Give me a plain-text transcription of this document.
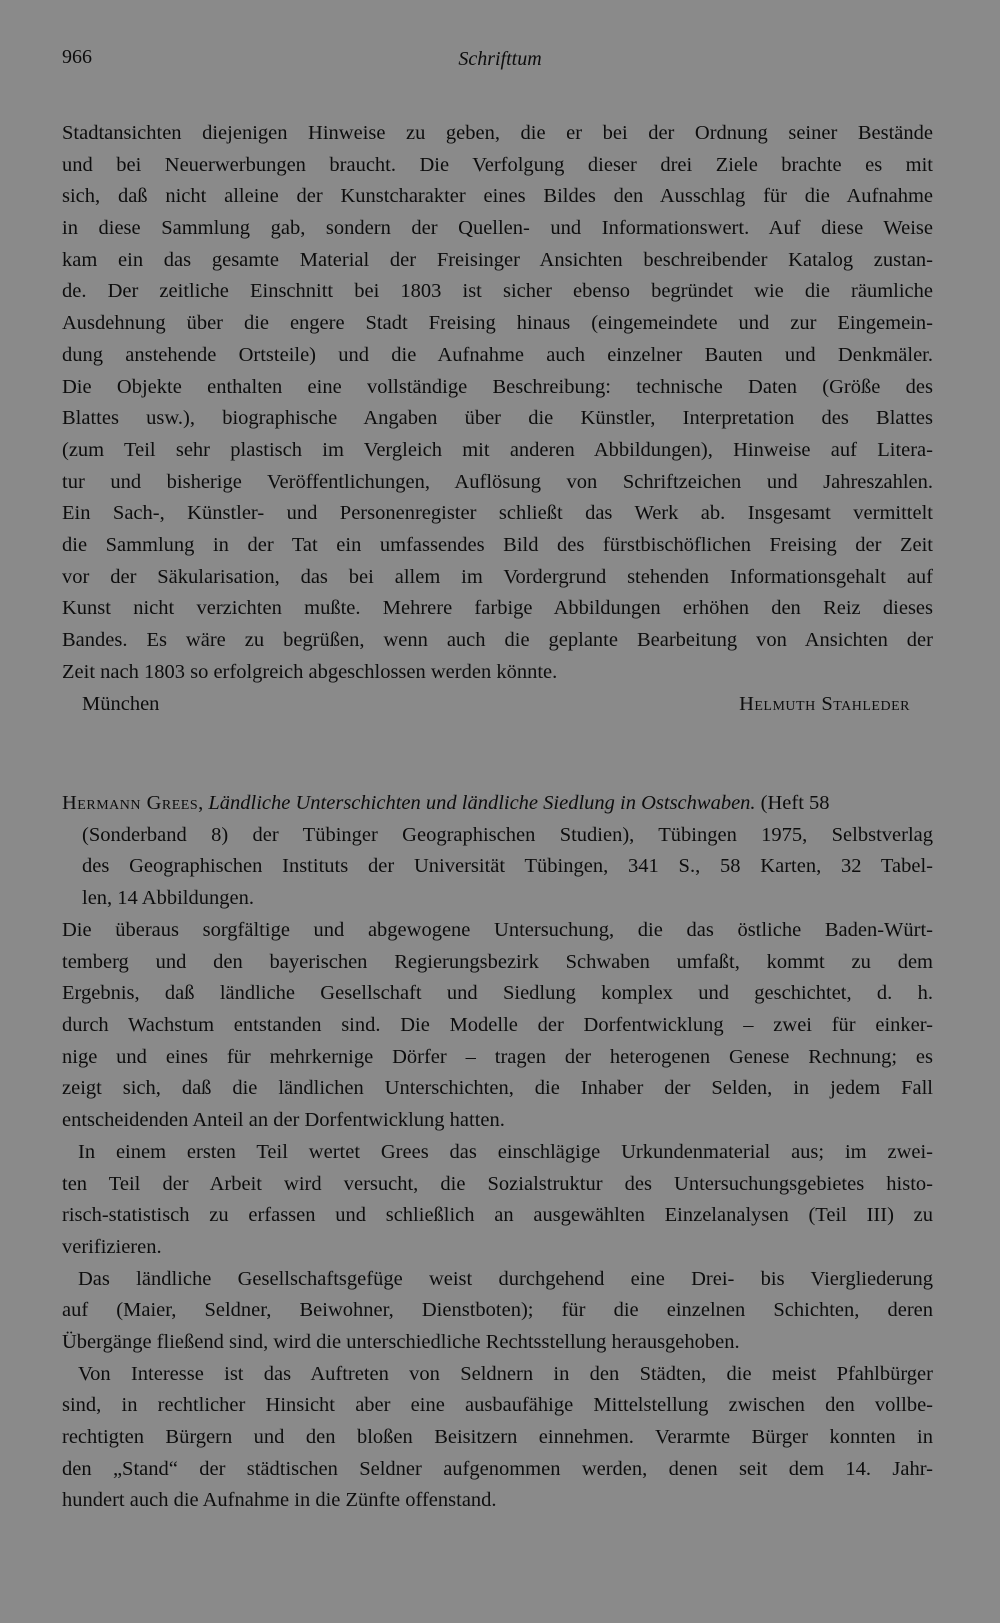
966	Schrifttum
Stadtansichten diejenigen Hinweise zu geben, die er bei der Ordnung seiner Bestände
und bei Neuerwerbungen braucht. Die Verfolgung dieser drei Ziele brachte es mit
sich, daß nicht alleine der Kunstcharakter eines Bildes den Ausschlag für die Aufnahme
in diese Sammlung gab, sondern der Quellen- und Informationswert. Auf diese Weise
kam ein das gesamte Material der Freisinger Ansichten beschreibender Katalog zustan-
de. Der zeitliche Einschnitt bei 1803 ist sicher ebenso begründet wie die räumliche
Ausdehnung über die engere Stadt Freising hinaus (eingemeindete und zur Eingemein-
dung anstehende Ortsteile) und die Aufnahme auch einzelner Bauten und Denkmäler.
Die Objekte enthalten eine vollständige Beschreibung: technische Daten (Größe des
Blattes usw.), biographische Angaben über die Künstler, Interpretation des Blattes
(zum Teil sehr plastisch im Vergleich mit anderen Abbildungen), Hinweise auf Litera-
tur und bisherige Veröffentlichungen, Auflösung von Schriftzeichen und Jahreszahlen.
Ein Sach-, Künstler- und Personenregister schließt das Werk ab. Insgesamt vermittelt
die Sammlung in der Tat ein umfassendes Bild des fürstbischöflichen Freising der Zeit
vor der Säkularisation, das bei allem im Vordergrund stehenden Informationsgehalt auf
Kunst nicht verzichten mußte. Mehrere farbige Abbildungen erhöhen den Reiz dieses
Bandes. Es wäre zu begrüßen, wenn auch die geplante Bearbeitung von Ansichten der
Zeit nach 1803 so erfolgreich abgeschlossen werden könnte.
München	Helmuth Stahleder
Hermann Grees, Ländliche Unterschichten und ländliche Siedlung in Ostschwaben. (Heft 58
(Sonderband 8) der Tübinger Geographischen Studien), Tübingen 1975, Selbstverlag
des Geographischen Instituts der Universität Tübingen, 341 S., 58 Karten, 32 Tabel-
len, 14 Abbildungen.
Die überaus sorgfältige und abgewogene Untersuchung, die das östliche Baden-Würt-
temberg und den bayerischen Regierungsbezirk Schwaben umfaßt, kommt zu dem
Ergebnis, daß ländliche Gesellschaft und Siedlung komplex und geschichtet, d. h.
durch Wachstum entstanden sind. Die Modelle der Dorfentwicklung – zwei für einker-
nige und eines für mehrkernige Dörfer – tragen der heterogenen Genese Rechnung; es
zeigt sich, daß die ländlichen Unterschichten, die Inhaber der Selden, in jedem Fall
entscheidenden Anteil an der Dorfentwicklung hatten.
In einem ersten Teil wertet Grees das einschlägige Urkundenmaterial aus; im zwei-
ten Teil der Arbeit wird versucht, die Sozialstruktur des Untersuchungsgebietes histo-
risch-statistisch zu erfassen und schließlich an ausgewählten Einzelanalysen (Teil III) zu
verifizieren.
Das ländliche Gesellschaftsgefüge weist durchgehend eine Drei- bis Viergliederung
auf (Maier, Seldner, Beiwohner, Dienstboten); für die einzelnen Schichten, deren
Übergänge fließend sind, wird die unterschiedliche Rechtsstellung herausgehoben.
Von Interesse ist das Auftreten von Seldnern in den Städten, die meist Pfahlbürger
sind, in rechtlicher Hinsicht aber eine ausbaufähige Mittelstellung zwischen den vollbe-
rechtigten Bürgern und den bloßen Beisitzern einnehmen. Verarmte Bürger konnten in
den „Stand“ der städtischen Seldner aufgenommen werden, denen seit dem 14. Jahr-
hundert auch die Aufnahme in die Zünfte offenstand.
